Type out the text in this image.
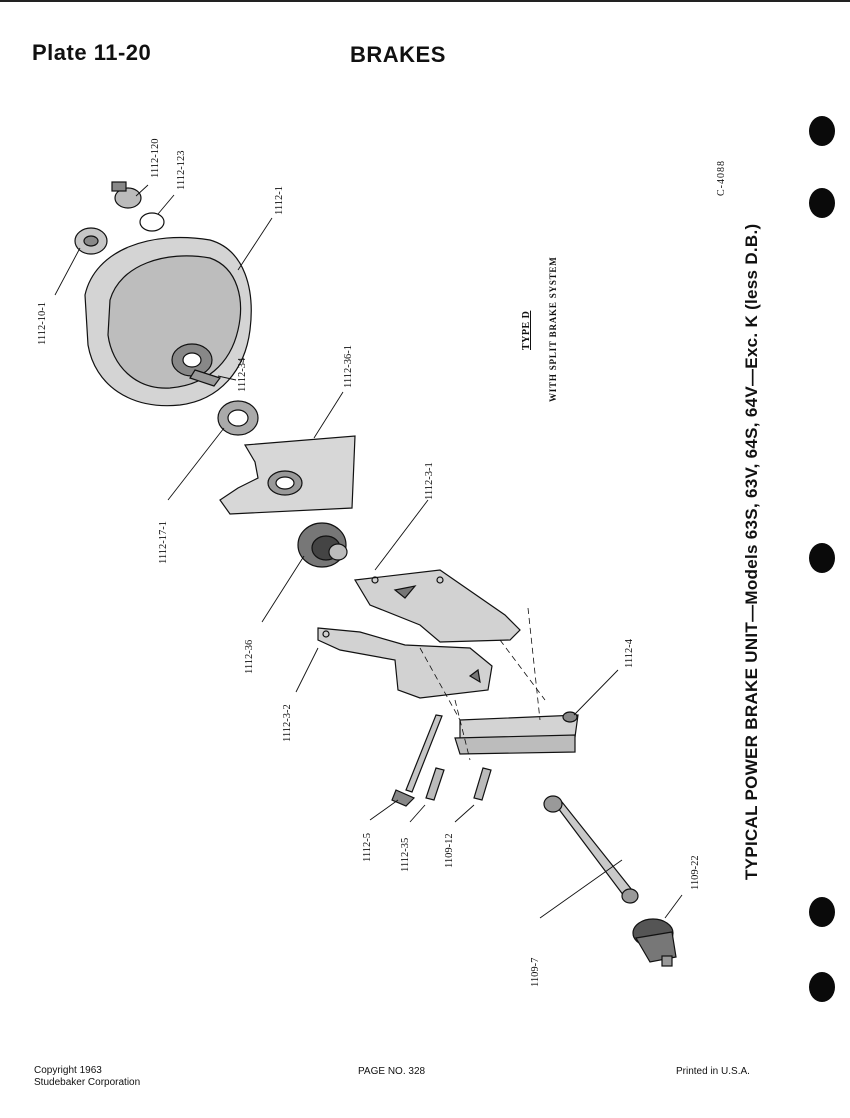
Plate 11-20	BRAKES
C-4088
TYPE D WITH SPLIT BRAKE SYSTEM	TYPICAL POWER BRAKE UNIT—Models 63S, 63V, 64S, 64V—Exc. K (less D.B.)
1112-120 1112-123
1112-1
1112-10-1
1112-34	1112-36-1
1112-17-1
1112-3-1
1112-36
1112-3-2
1112-4
1112-5	1112-35	1109-12
1109-22
1109-7
Copyright 1963
Studebaker Corporation
PAGE NO. 328	Printed in U.S.A.
